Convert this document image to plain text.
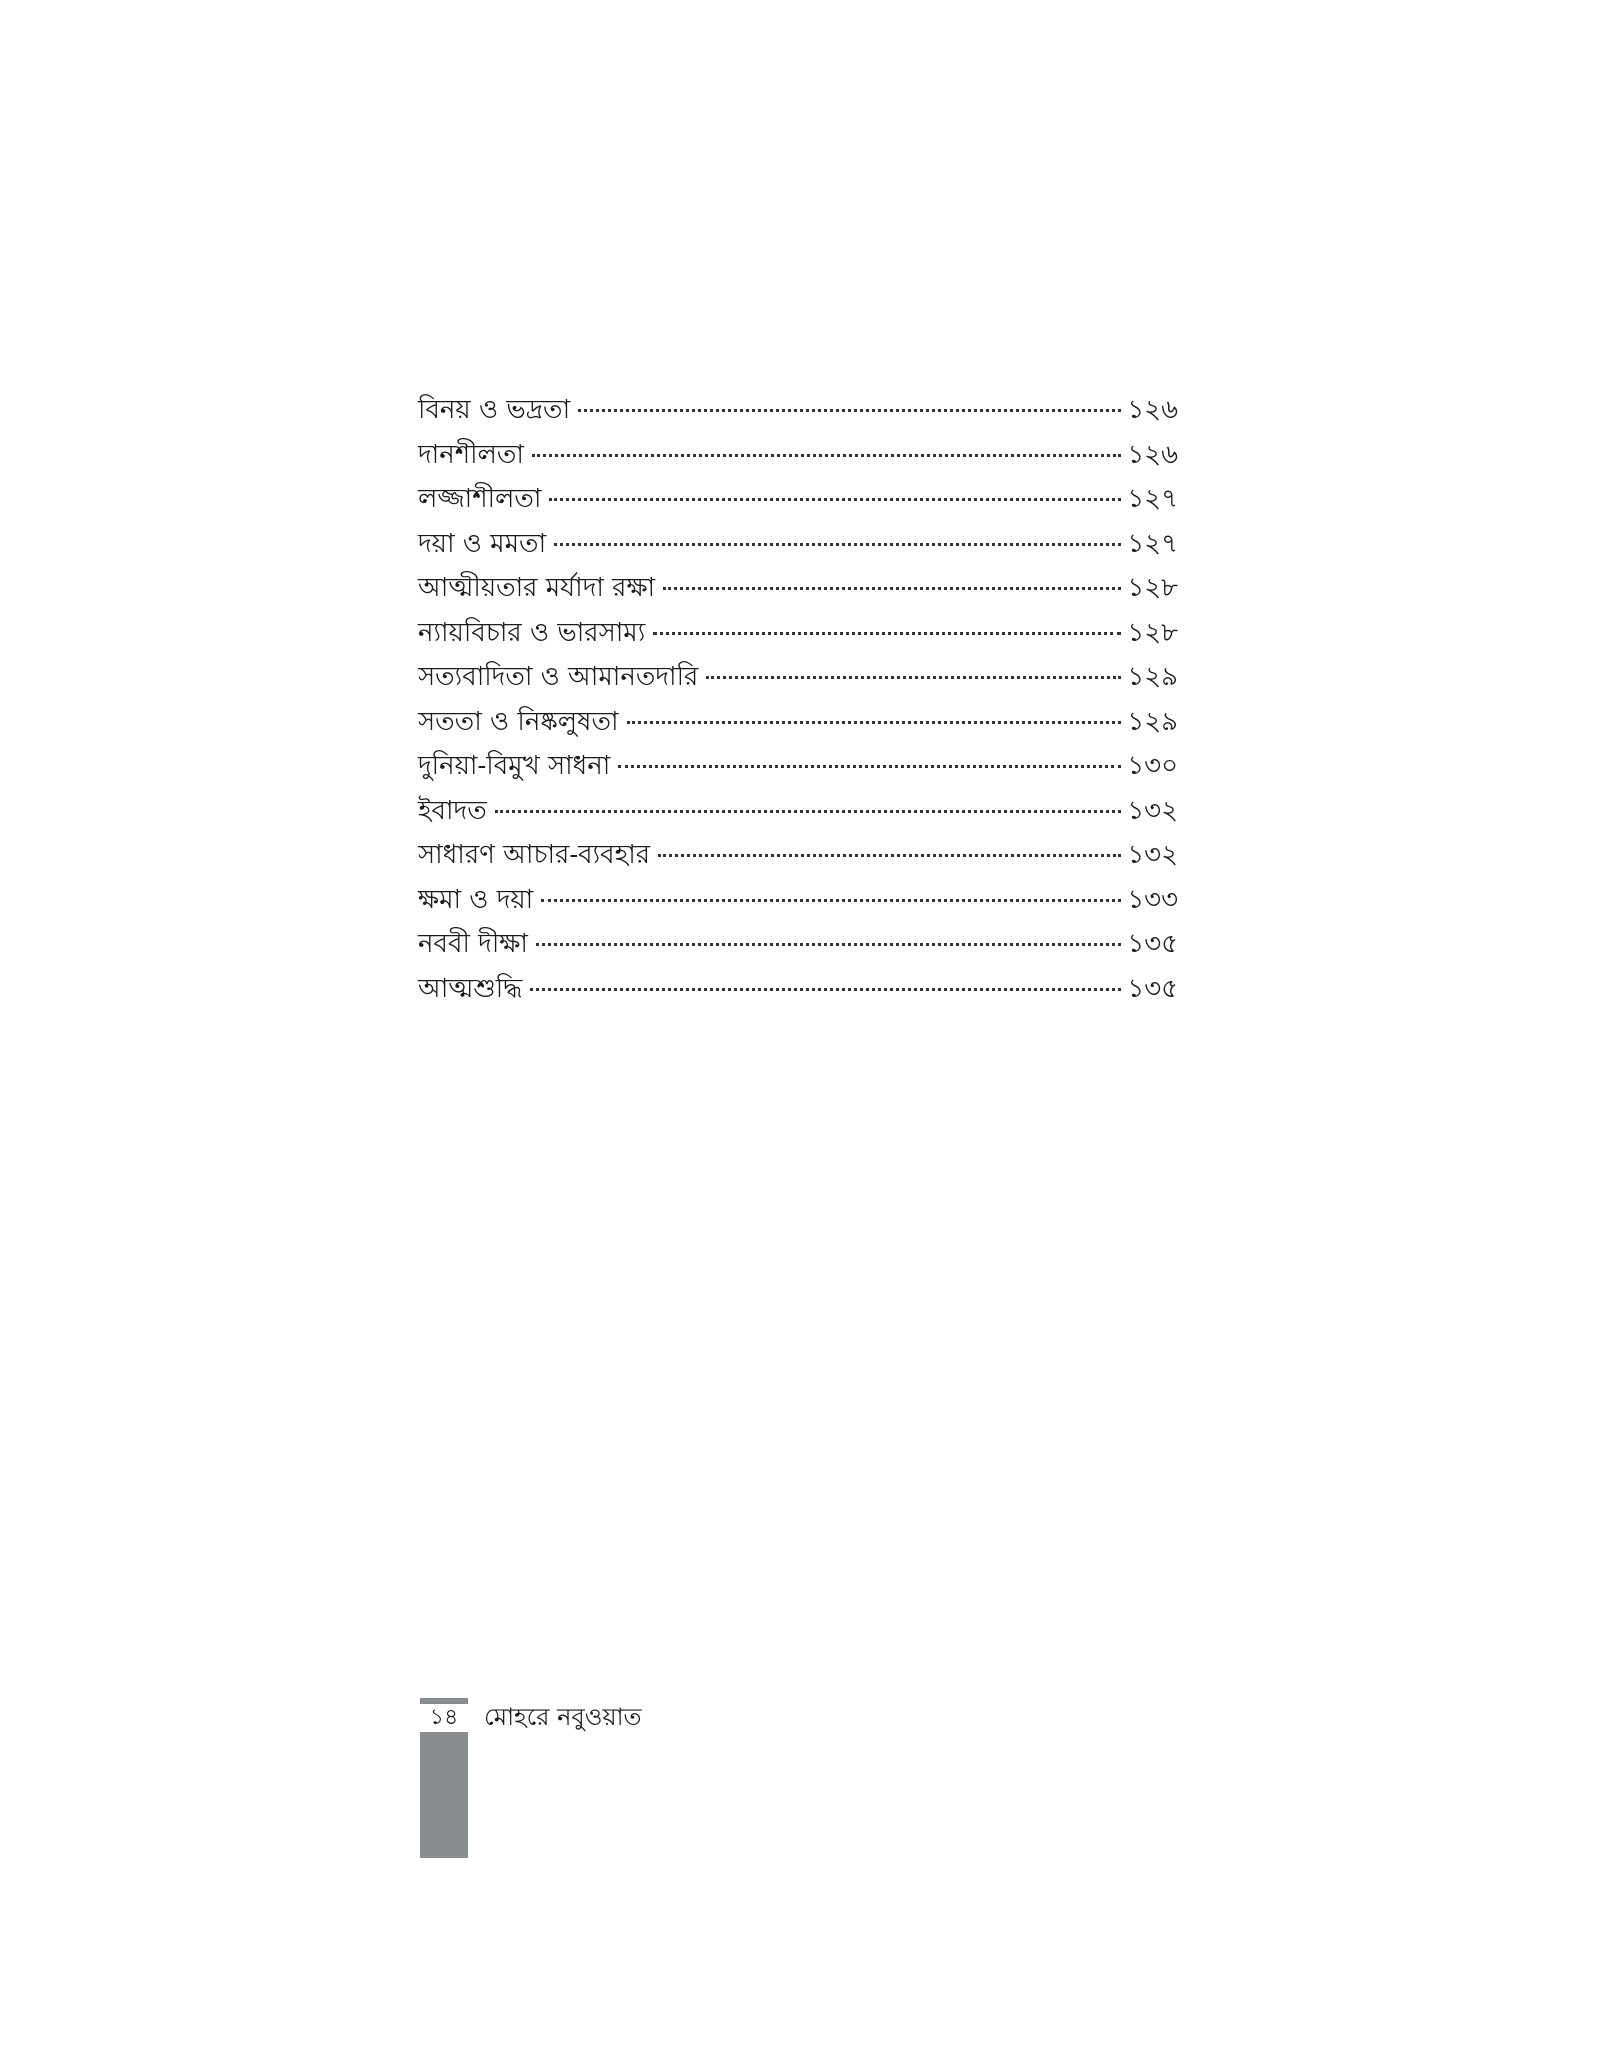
বিনয় ও ভদ্রতা	১২৬
দানশীলতা	১২৬
লজ্জাশীলতা	১২৭
দয়া ও মমতা	১২৭
আত্মীয়তার মর্যাদা রক্ষা	১২৮
ন্যায়বিচার ও ভারসাম্য	১২৮
সত্যবাদিতা ও আমানতদারি	১২৯
সততা ও নিষ্কলুষতা	১২৯
দুনিয়া-বিমুখ সাধনা	১৩০
ইবাদত	১৩২
সাধারণ আচার-ব্যবহার	১৩২
ক্ষমা ও দয়া	১৩৩
নববী দীক্ষা	১৩৫
আত্মশুদ্ধি	১৩৫
১৪	মোহরে নবুওয়াত
